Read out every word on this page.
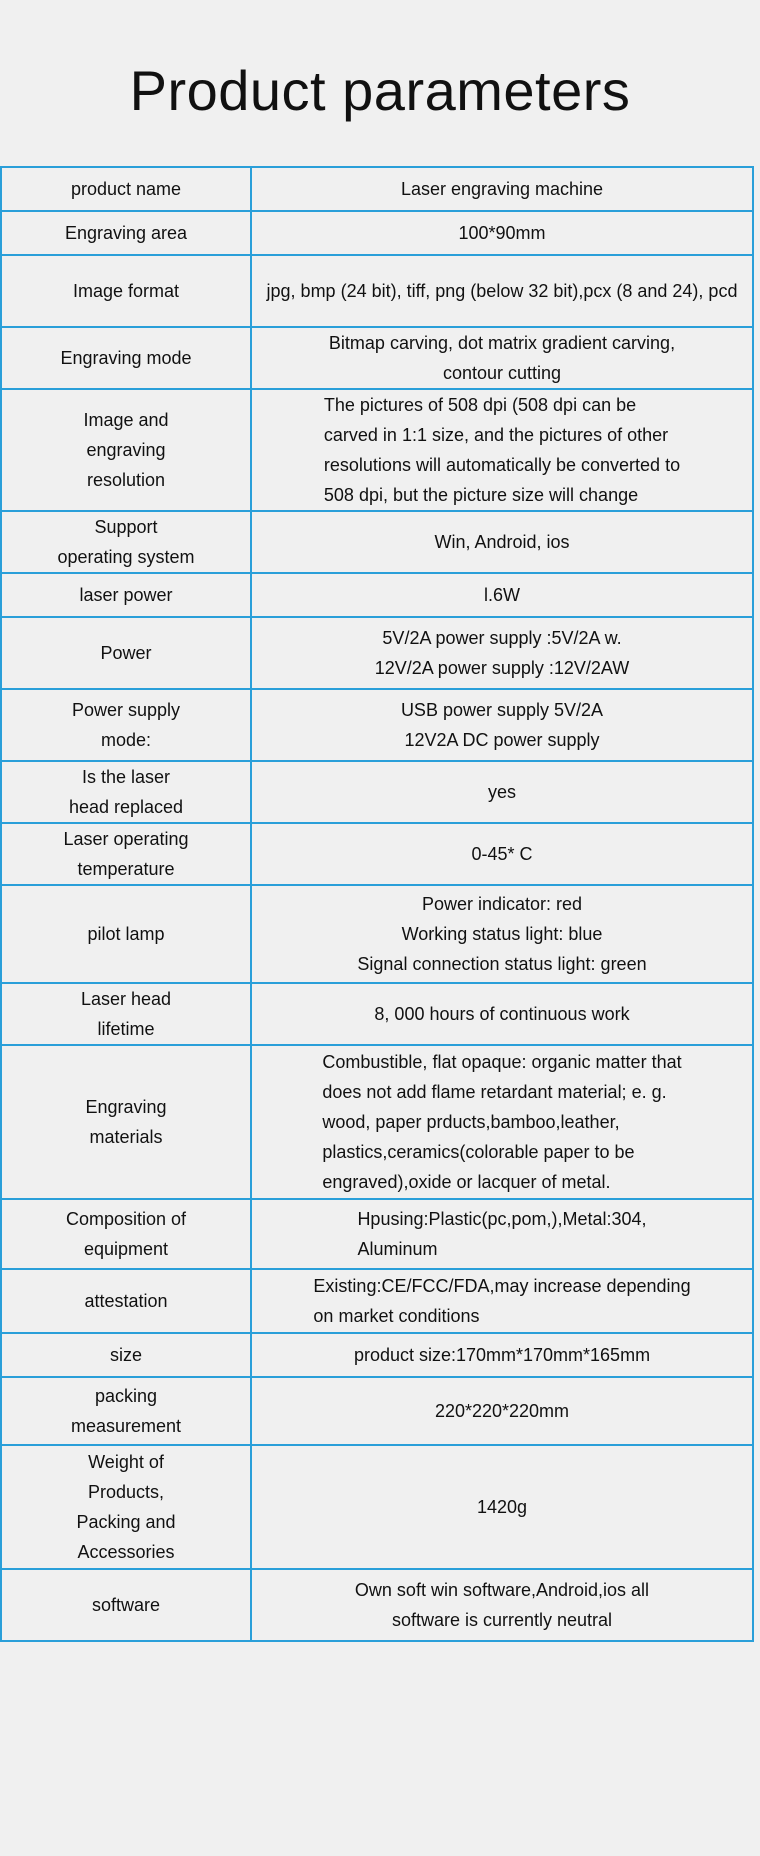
Product parameters
product name	Laser engraving machine

Engraving area	100*90mm

Image format	jpg, bmp (24 bit), tiff, png (below 32 bit),pcx (8 and 24), pcd

Engraving mode	Bitmap carving, dot matrix gradient carving,
contour cutting

Image and
engraving
resolution	The pictures of 508 dpi (508 dpi can be
carved in 1:1 size, and the pictures of other
resolutions will automatically be converted to
508 dpi, but the picture size will change

Support
operating system	Win, Android, ios

laser power	l.6W

Power	5V/2A power supply :5V/2A w.
12V/2A power supply :12V/2AW

Power supply
mode:	USB power supply 5V/2A
12V2A DC power supply

Is the laser
head replaced	yes

Laser operating
temperature	0-45* C

pilot lamp	Power indicator: red
Working status light: blue
Signal connection status light: green

Laser head
lifetime	8, 000 hours of continuous work

Engraving
materials	Combustible, flat opaque: organic matter that
does not add flame retardant material; e. g.
wood, paper prducts,bamboo,leather,
plastics,ceramics(colorable paper to be
engraved),oxide or lacquer of metal.

Composition of
equipment	Hpusing:Plastic(pc,pom,),Metal:304,
Aluminum

attestation	Existing:CE/FCC/FDA,may increase depending
on market conditions

size	product size:170mm*170mm*165mm

packing
measurement	220*220*220mm

Weight of
Products,
Packing and
Accessories	1420g

software	Own soft win software,Android,ios all
software is currently neutral
